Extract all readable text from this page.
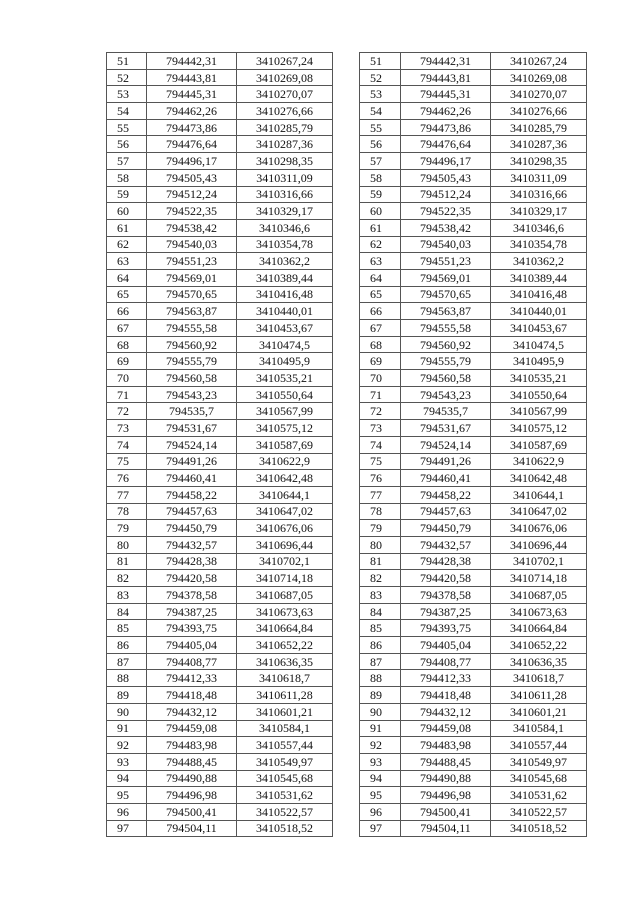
51	794442,31	3410267,24
52	794443,81	3410269,08
53	794445,31	3410270,07
54	794462,26	3410276,66
55	794473,86	3410285,79
56	794476,64	3410287,36
57	794496,17	3410298,35
58	794505,43	3410311,09
59	794512,24	3410316,66
60	794522,35	3410329,17
61	794538,42	3410346,6
62	794540,03	3410354,78
63	794551,23	3410362,2
64	794569,01	3410389,44
65	794570,65	3410416,48
66	794563,87	3410440,01
67	794555,58	3410453,67
68	794560,92	3410474,5
69	794555,79	3410495,9
70	794560,58	3410535,21
71	794543,23	3410550,64
72	794535,7	3410567,99
73	794531,67	3410575,12
74	794524,14	3410587,69
75	794491,26	3410622,9
76	794460,41	3410642,48
77	794458,22	3410644,1
78	794457,63	3410647,02
79	794450,79	3410676,06
80	794432,57	3410696,44
81	794428,38	3410702,1
82	794420,58	3410714,18
83	794378,58	3410687,05
84	794387,25	3410673,63
85	794393,75	3410664,84
86	794405,04	3410652,22
87	794408,77	3410636,35
88	794412,33	3410618,7
89	794418,48	3410611,28
90	794432,12	3410601,21
91	794459,08	3410584,1
92	794483,98	3410557,44
93	794488,45	3410549,97
94	794490,88	3410545,68
95	794496,98	3410531,62
96	794500,41	3410522,57
97	794504,11	3410518,52
51	794442,31	3410267,24
52	794443,81	3410269,08
53	794445,31	3410270,07
54	794462,26	3410276,66
55	794473,86	3410285,79
56	794476,64	3410287,36
57	794496,17	3410298,35
58	794505,43	3410311,09
59	794512,24	3410316,66
60	794522,35	3410329,17
61	794538,42	3410346,6
62	794540,03	3410354,78
63	794551,23	3410362,2
64	794569,01	3410389,44
65	794570,65	3410416,48
66	794563,87	3410440,01
67	794555,58	3410453,67
68	794560,92	3410474,5
69	794555,79	3410495,9
70	794560,58	3410535,21
71	794543,23	3410550,64
72	794535,7	3410567,99
73	794531,67	3410575,12
74	794524,14	3410587,69
75	794491,26	3410622,9
76	794460,41	3410642,48
77	794458,22	3410644,1
78	794457,63	3410647,02
79	794450,79	3410676,06
80	794432,57	3410696,44
81	794428,38	3410702,1
82	794420,58	3410714,18
83	794378,58	3410687,05
84	794387,25	3410673,63
85	794393,75	3410664,84
86	794405,04	3410652,22
87	794408,77	3410636,35
88	794412,33	3410618,7
89	794418,48	3410611,28
90	794432,12	3410601,21
91	794459,08	3410584,1
92	794483,98	3410557,44
93	794488,45	3410549,97
94	794490,88	3410545,68
95	794496,98	3410531,62
96	794500,41	3410522,57
97	794504,11	3410518,52
